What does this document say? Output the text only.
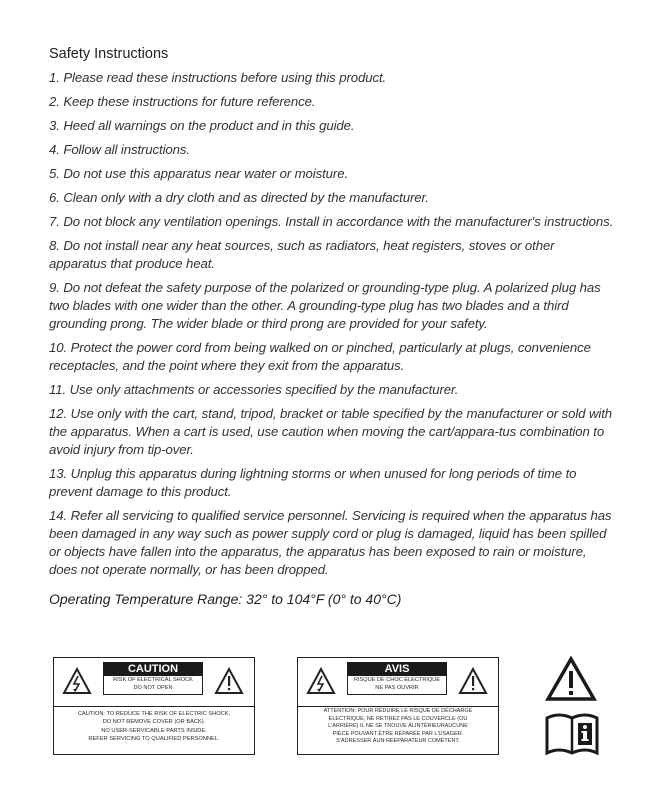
Safety Instructions
1. Please read these instructions before using this product.
2. Keep these instructions for future reference.
3. Heed all warnings on the product and in this guide.
4. Follow all instructions.
5. Do not use this apparatus near water or moisture.
6. Clean only with a dry cloth and as directed by the manufacturer.
7. Do not block any ventilation openings. Install in accordance with the manufacturer's instructions.
8. Do not install near any heat sources, such as radiators, heat registers, stoves or other apparatus that produce heat.
9. Do not defeat the safety purpose of the polarized or grounding-type plug. A polarized plug has two blades with one wider than the other. A grounding-type plug has two blades and a third grounding prong. The wider blade or third prong are provided for your safety.
10. Protect the power cord from being walked on or pinched, particularly at plugs, convenience receptacles, and the point where they exit from the apparatus.
11. Use only attachments or accessories specified by the manufacturer.
12. Use only with the cart, stand, tripod, bracket or table specified by the manufacturer or sold with the apparatus. When a cart is used, use caution when moving the cart/appara-tus combination to avoid injury from tip-over.
13. Unplug this apparatus during lightning storms or when unused for long periods of time to prevent damage to this product.
14. Refer all servicing to qualified service personnel. Servicing is required when the apparatus has been damaged in any way such as power supply cord or plug is damaged, liquid has been spilled or objects have fallen into the apparatus, the apparatus has been exposed to rain or moisture, does not operate normally, or has been dropped.
Operating Temperature Range: 32° to 104°F (0° to 40°C)
CAUTION
RISK OF ELECTRICAL SHOCK
DO NOT OPEN
CAUTION: TO REDUCE THE RISK OF ELECTRIC SHOCK,
DO NOT REMOVE COVER (OR BACK).
NO USER-SERVICABLE PARTS INSIDE.
REFER SERVICING TO QUALIFIED PERSONNEL.
AVIS
RISQUE DE CHOC ÉLECTRIQUE
NE PAS OUVRIR
ATTENTION: POUR RÉDUIRE LE RISQUE DE DÉCHARGE
ÉLECTRIQUE, NE RETIREZ PAS LE COUVERCLE (OU
L'ARRIÈRE) IL NE SE TROUVE ÀLINTÉRIEURAUCUNE
PIÈCE POUVANT ÊTRE RÉPARÉE PAR L'USAGER.
S'ADRESSER ÀUN RÉEPARATEUR COMÉTENT.
